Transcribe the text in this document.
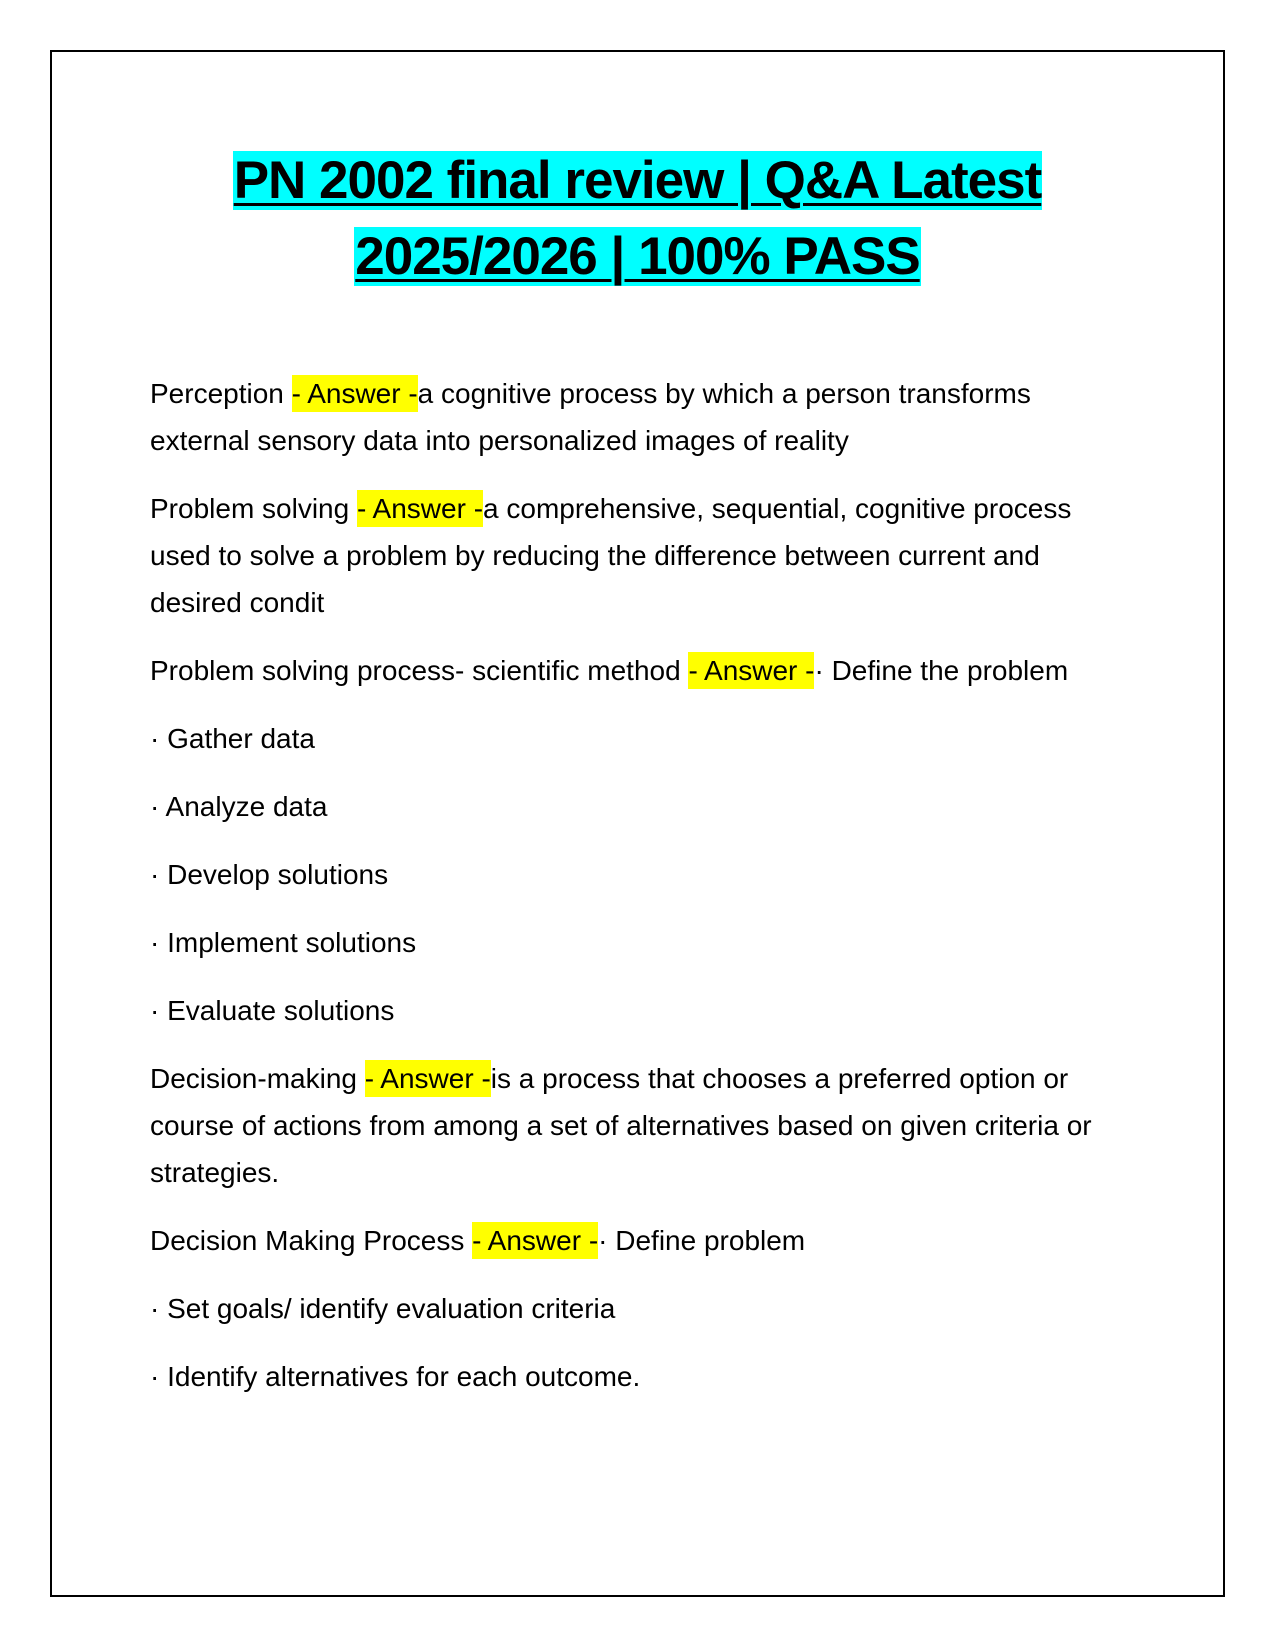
PN 2002 final review | Q&A Latest
2025/2026 | 100% PASS

Perception - Answer -a cognitive process by which a person transforms external sensory data into personalized images of reality

Problem solving - Answer -a comprehensive, sequential, cognitive process used to solve a problem by reducing the difference between current and desired condit

Problem solving process- scientific method - Answer -· Define the problem

· Gather data

· Analyze data

· Develop solutions

· Implement solutions

· Evaluate solutions

Decision-making - Answer -is a process that chooses a preferred option or course of actions from among a set of alternatives based on given criteria or strategies.

Decision Making Process - Answer -· Define problem

· Set goals/ identify evaluation criteria

· Identify alternatives for each outcome.
